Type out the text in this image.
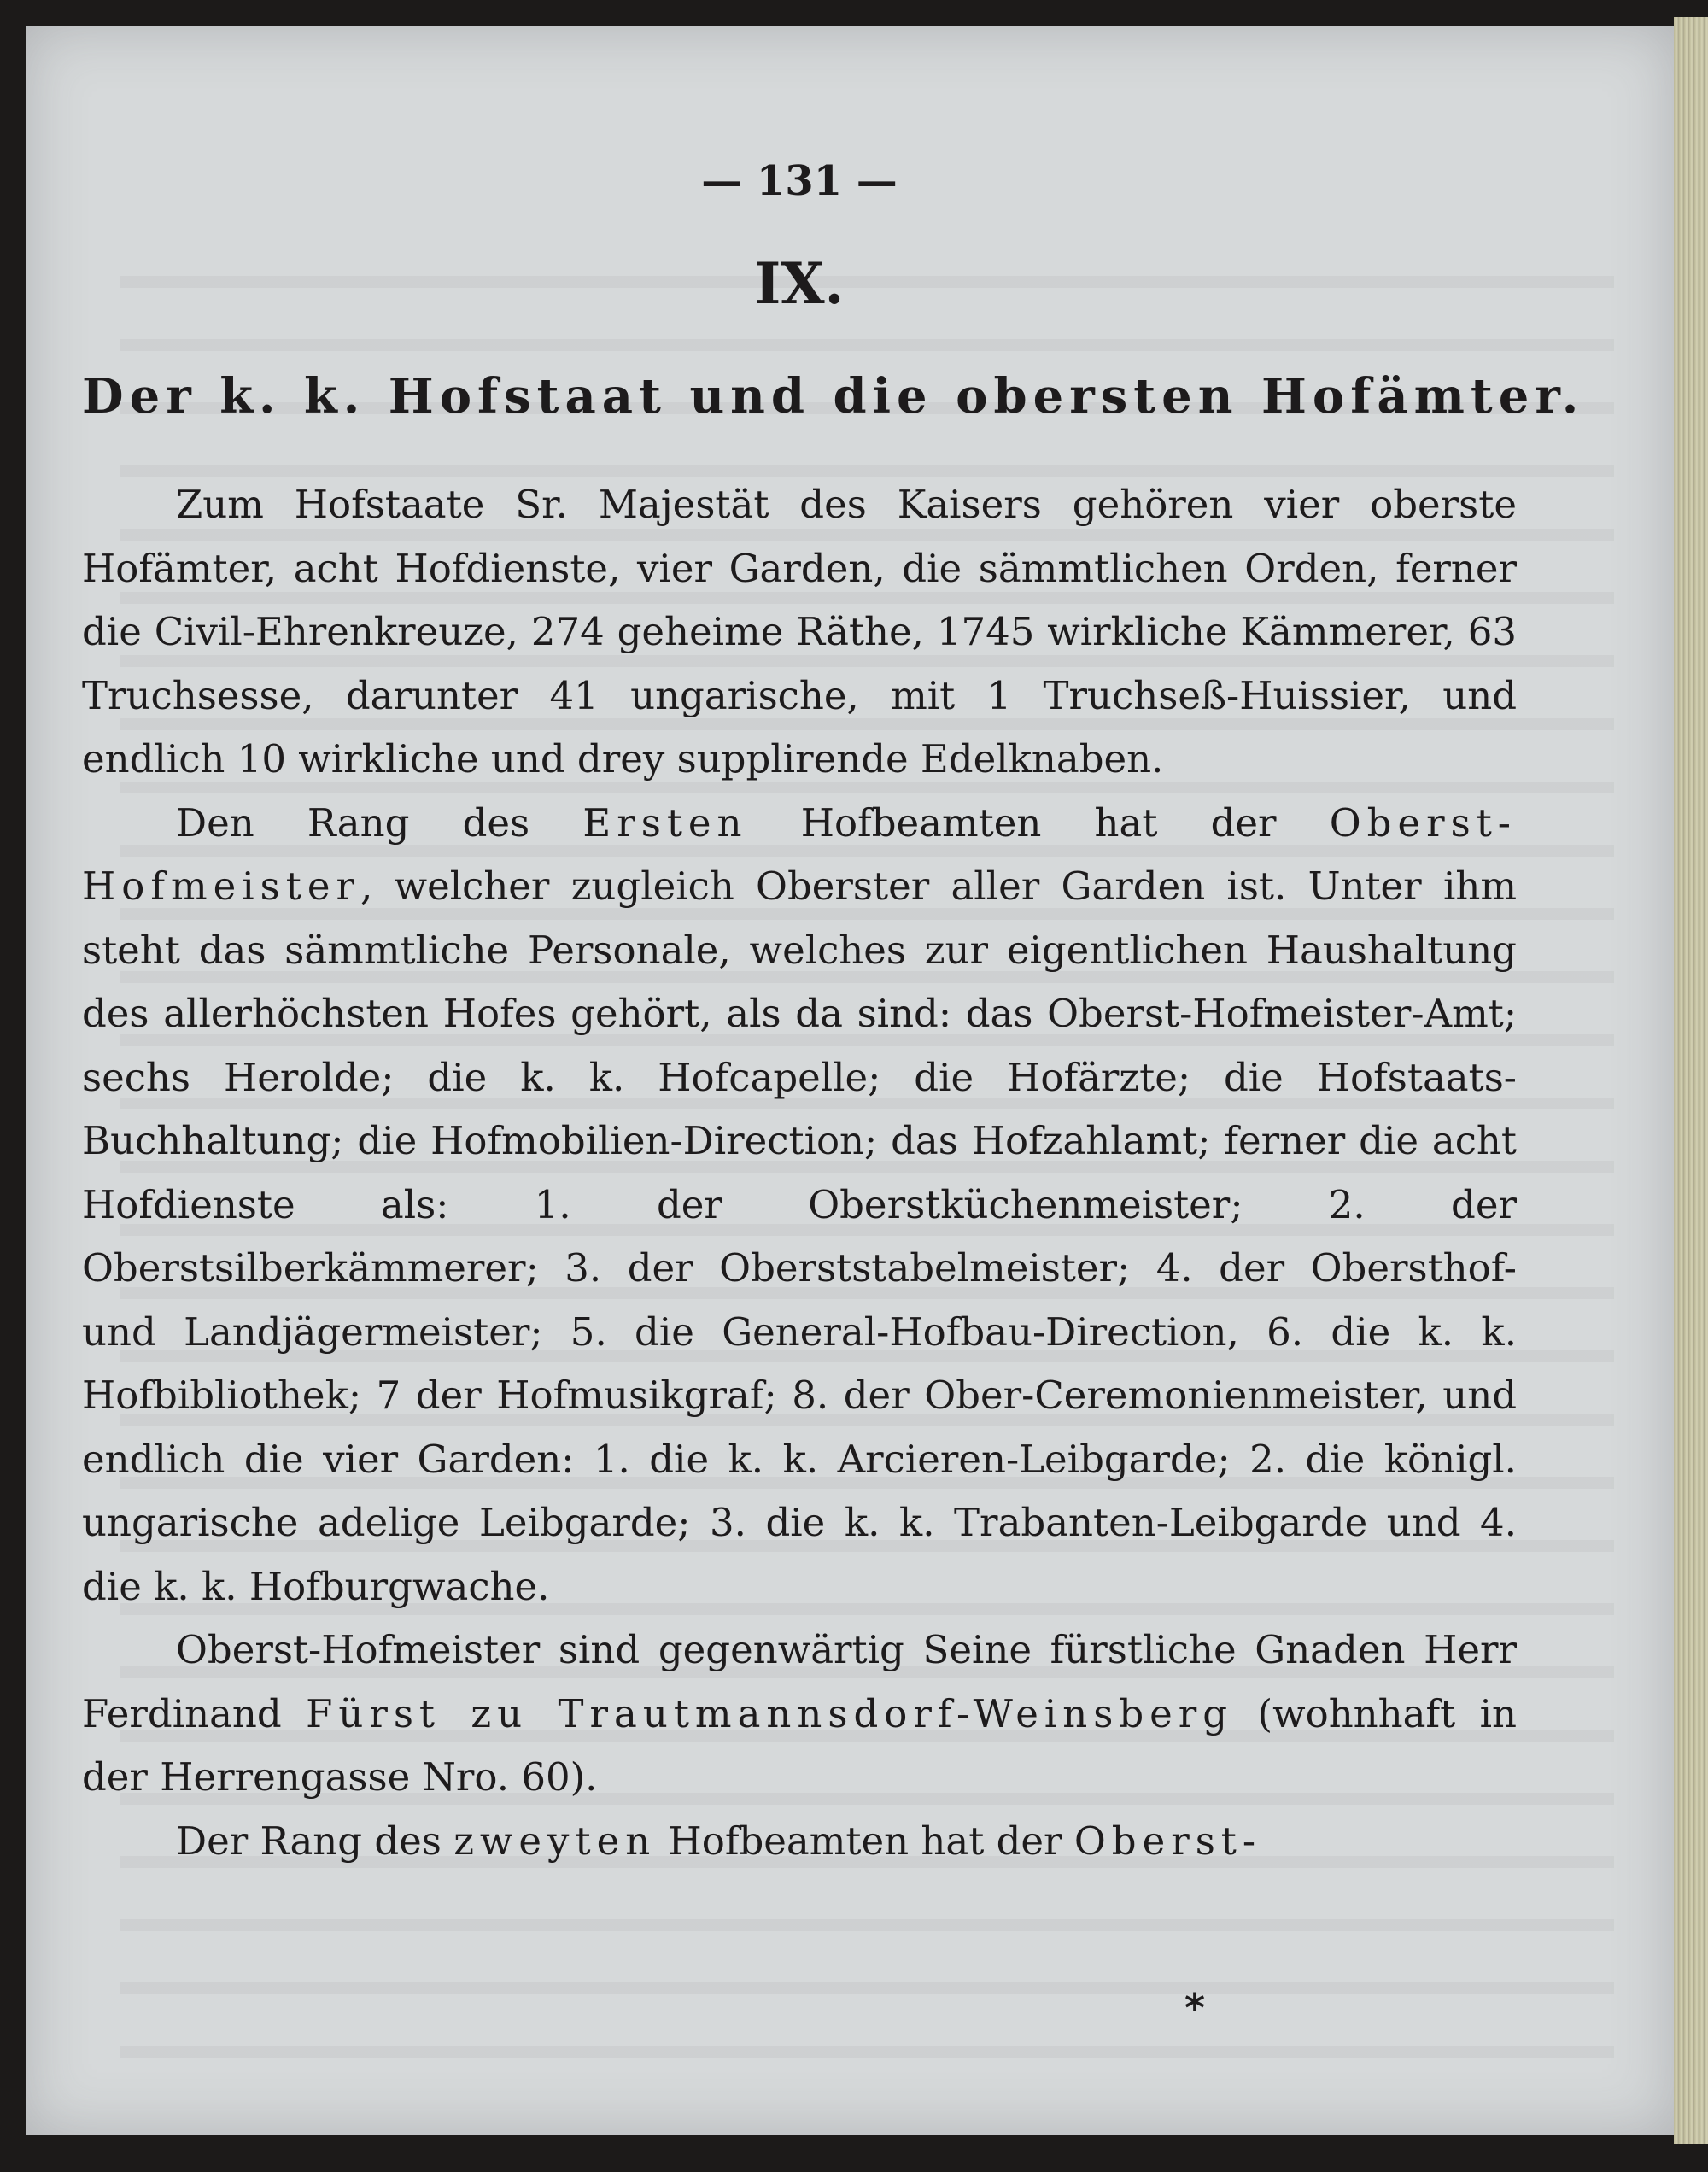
— 131 —
IX.
Der k. k. Hofstaat und die obersten Hofämter.

Zum Hofstaate Sr. Majestät des Kaisers gehören vier oberste Hofämter, acht Hofdienste, vier Garden, die sämmtlichen Orden, ferner die Civil-Ehrenkreuze, 274 geheime Räthe, 1745 wirkliche Kämmerer, 63 Truchsesse, darunter 41 ungarische, mit 1 Truchseß-Huissier, und endlich 10 wirkliche und drey supplirende Edelknaben.

Den Rang des Ersten Hofbeamten hat der Oberst-Hofmeister, welcher zugleich Oberster aller Garden ist. Unter ihm steht das sämmtliche Personale, welches zur eigentlichen Haushaltung des allerhöchsten Hofes gehört, als da sind: das Oberst-Hofmeister-Amt; sechs Herolde; die k. k. Hofcapelle; die Hofärzte; die Hofstaats-Buchhaltung; die Hofmobilien-Direction; das Hofzahlamt; ferner die acht Hofdienste als: 1. der Oberstküchenmeister; 2. der Oberstsilberkämmerer; 3. der Oberststabelmeister; 4. der Obersthof- und Landjägermeister; 5. die General-Hofbau-Direction, 6. die k. k. Hofbibliothek; 7 der Hofmusikgraf; 8. der Ober-Ceremonienmeister, und endlich die vier Garden: 1. die k. k. Arcieren-Leibgarde; 2. die königl. ungarische adelige Leibgarde; 3. die k. k. Trabanten-Leibgarde und 4. die k. k. Hofburgwache.

Oberst-Hofmeister sind gegenwärtig Seine fürstliche Gnaden Herr Ferdinand Fürst zu Trautmannsdorf-Weinsberg (wohnhaft in der Herrengasse Nro. 60).

Der Rang des zweyten Hofbeamten hat der Oberst-

*
